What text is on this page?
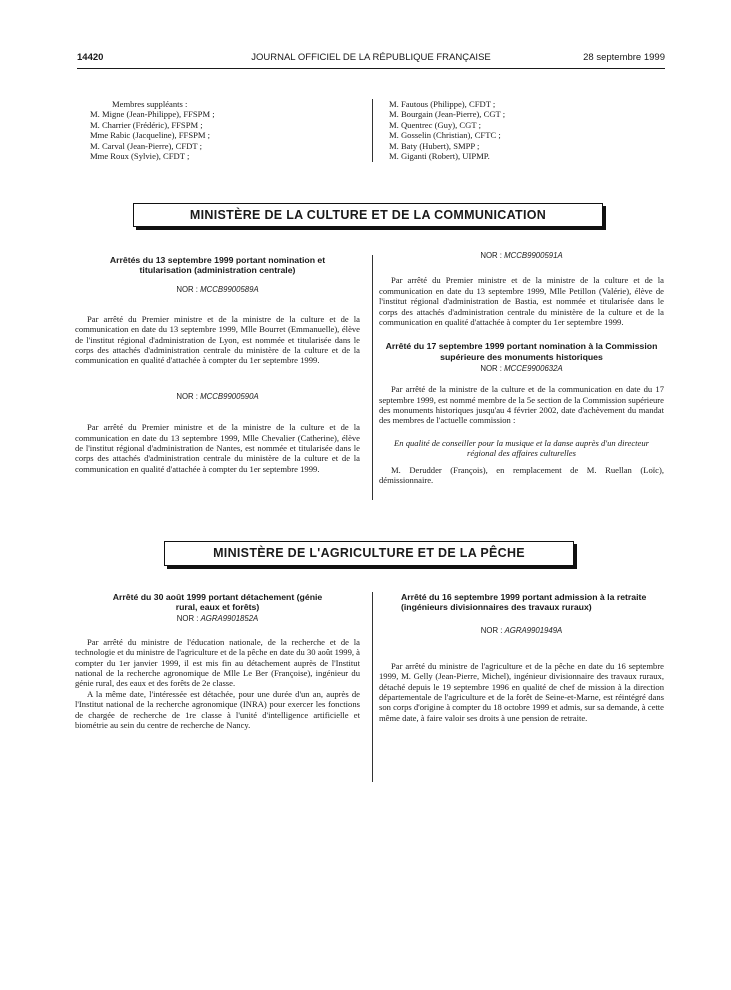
14420	JOURNAL OFFICIEL DE LA RÉPUBLIQUE FRANÇAISE	28 septembre 1999

Membres suppléants :

M. Migne (Jean-Philippe), FFSPM ;

M. Charrier (Frédéric), FFSPM ;

Mme Rabic (Jacqueline), FFSPM ;

M. Carval (Jean-Pierre), CFDT ;

Mme Roux (Sylvie), CFDT ;

M. Fautous (Philippe), CFDT ;

M. Bourgain (Jean-Pierre), CGT ;

M. Quentrec (Guy), CGT ;

M. Gosselin (Christian), CFTC ;

M. Baty (Hubert), SMPP ;

M. Giganti (Robert), UIPMP.

MINISTÈRE DE LA CULTURE ET DE LA COMMUNICATION
Arrêtés du 13 septembre 1999 portant nomination et titularisation (administration centrale)
NOR : MCCB9900589A

Par arrêté du Premier ministre et de la ministre de la culture et de la communication en date du 13 septembre 1999, Mlle Bourret (Emmanuelle), élève de l'institut régional d'administration de Lyon, est nommée et titularisée dans le corps des attachés d'administration centrale du ministère de la culture et de la communication en qualité d'attachée à compter du 1er septembre 1999.

NOR : MCCB9900590A

Par arrêté du Premier ministre et de la ministre de la culture et de la communication en date du 13 septembre 1999, Mlle Chevalier (Catherine), élève de l'institut régional d'administration de Nantes, est nommée et titularisée dans le corps des attachés d'administration centrale du ministère de la culture et de la communication en qualité d'attachée à compter du 1er septembre 1999.

NOR : MCCB9900591A

Par arrêté du Premier ministre et de la ministre de la culture et de la communication en date du 13 septembre 1999, Mlle Petillon (Valérie), élève de l'institut régional d'administration de Bastia, est nommée et titularisée dans le corps des attachés d'administration centrale du ministère de la culture et de la communication en qualité d'attachée à compter du 1er septembre 1999.

Arrêté du 17 septembre 1999 portant nomination à la Commission supérieure des monuments historiques
NOR : MCCE9900632A

Par arrêté de la ministre de la culture et de la communication en date du 17 septembre 1999, est nommé membre de la 5e section de la Commission supérieure des monuments historiques jusqu'au 4 février 2002, date d'achèvement du mandat des membres de l'actuelle commission :

En qualité de conseiller pour la musique et la danse auprès d'un directeur régional des affaires culturelles

M. Derudder (François), en remplacement de M. Ruellan (Loïc), démissionnaire.

MINISTÈRE DE L'AGRICULTURE ET DE LA PÊCHE
Arrêté du 30 août 1999 portant détachement (génie rural, eaux et forêts)
NOR : AGRA9901852A

Par arrêté du ministre de l'éducation nationale, de la recherche et de la technologie et du ministre de l'agriculture et de la pêche en date du 30 août 1999, à compter du 1er janvier 1999, il est mis fin au détachement auprès de l'Institut national de la recherche agronomique de Mlle Le Ber (Françoise), ingénieur du génie rural, des eaux et des forêts de 2e classe.

A la même date, l'intéressée est détachée, pour une durée d'un an, auprès de l'Institut national de la recherche agronomique (INRA) pour exercer les fonctions de chargée de recherche de 1re classe à l'unité d'intelligence artificielle et biométrie au sein du centre de recherche de Nancy.

Arrêté du 16 septembre 1999 portant admission à la retraite (ingénieurs divisionnaires des travaux ruraux)
NOR : AGRA9901949A

Par arrêté du ministre de l'agriculture et de la pêche en date du 16 septembre 1999, M. Gelly (Jean-Pierre, Michel), ingénieur divisionnaire des travaux ruraux, détaché depuis le 19 septembre 1996 en qualité de chef de mission à la direction départementale de l'agriculture et de la forêt de Seine-et-Marne, est réintégré dans son corps d'origine à compter du 18 octobre 1999 et admis, sur sa demande, à cette même date, à faire valoir ses droits à une pension de retraite.
